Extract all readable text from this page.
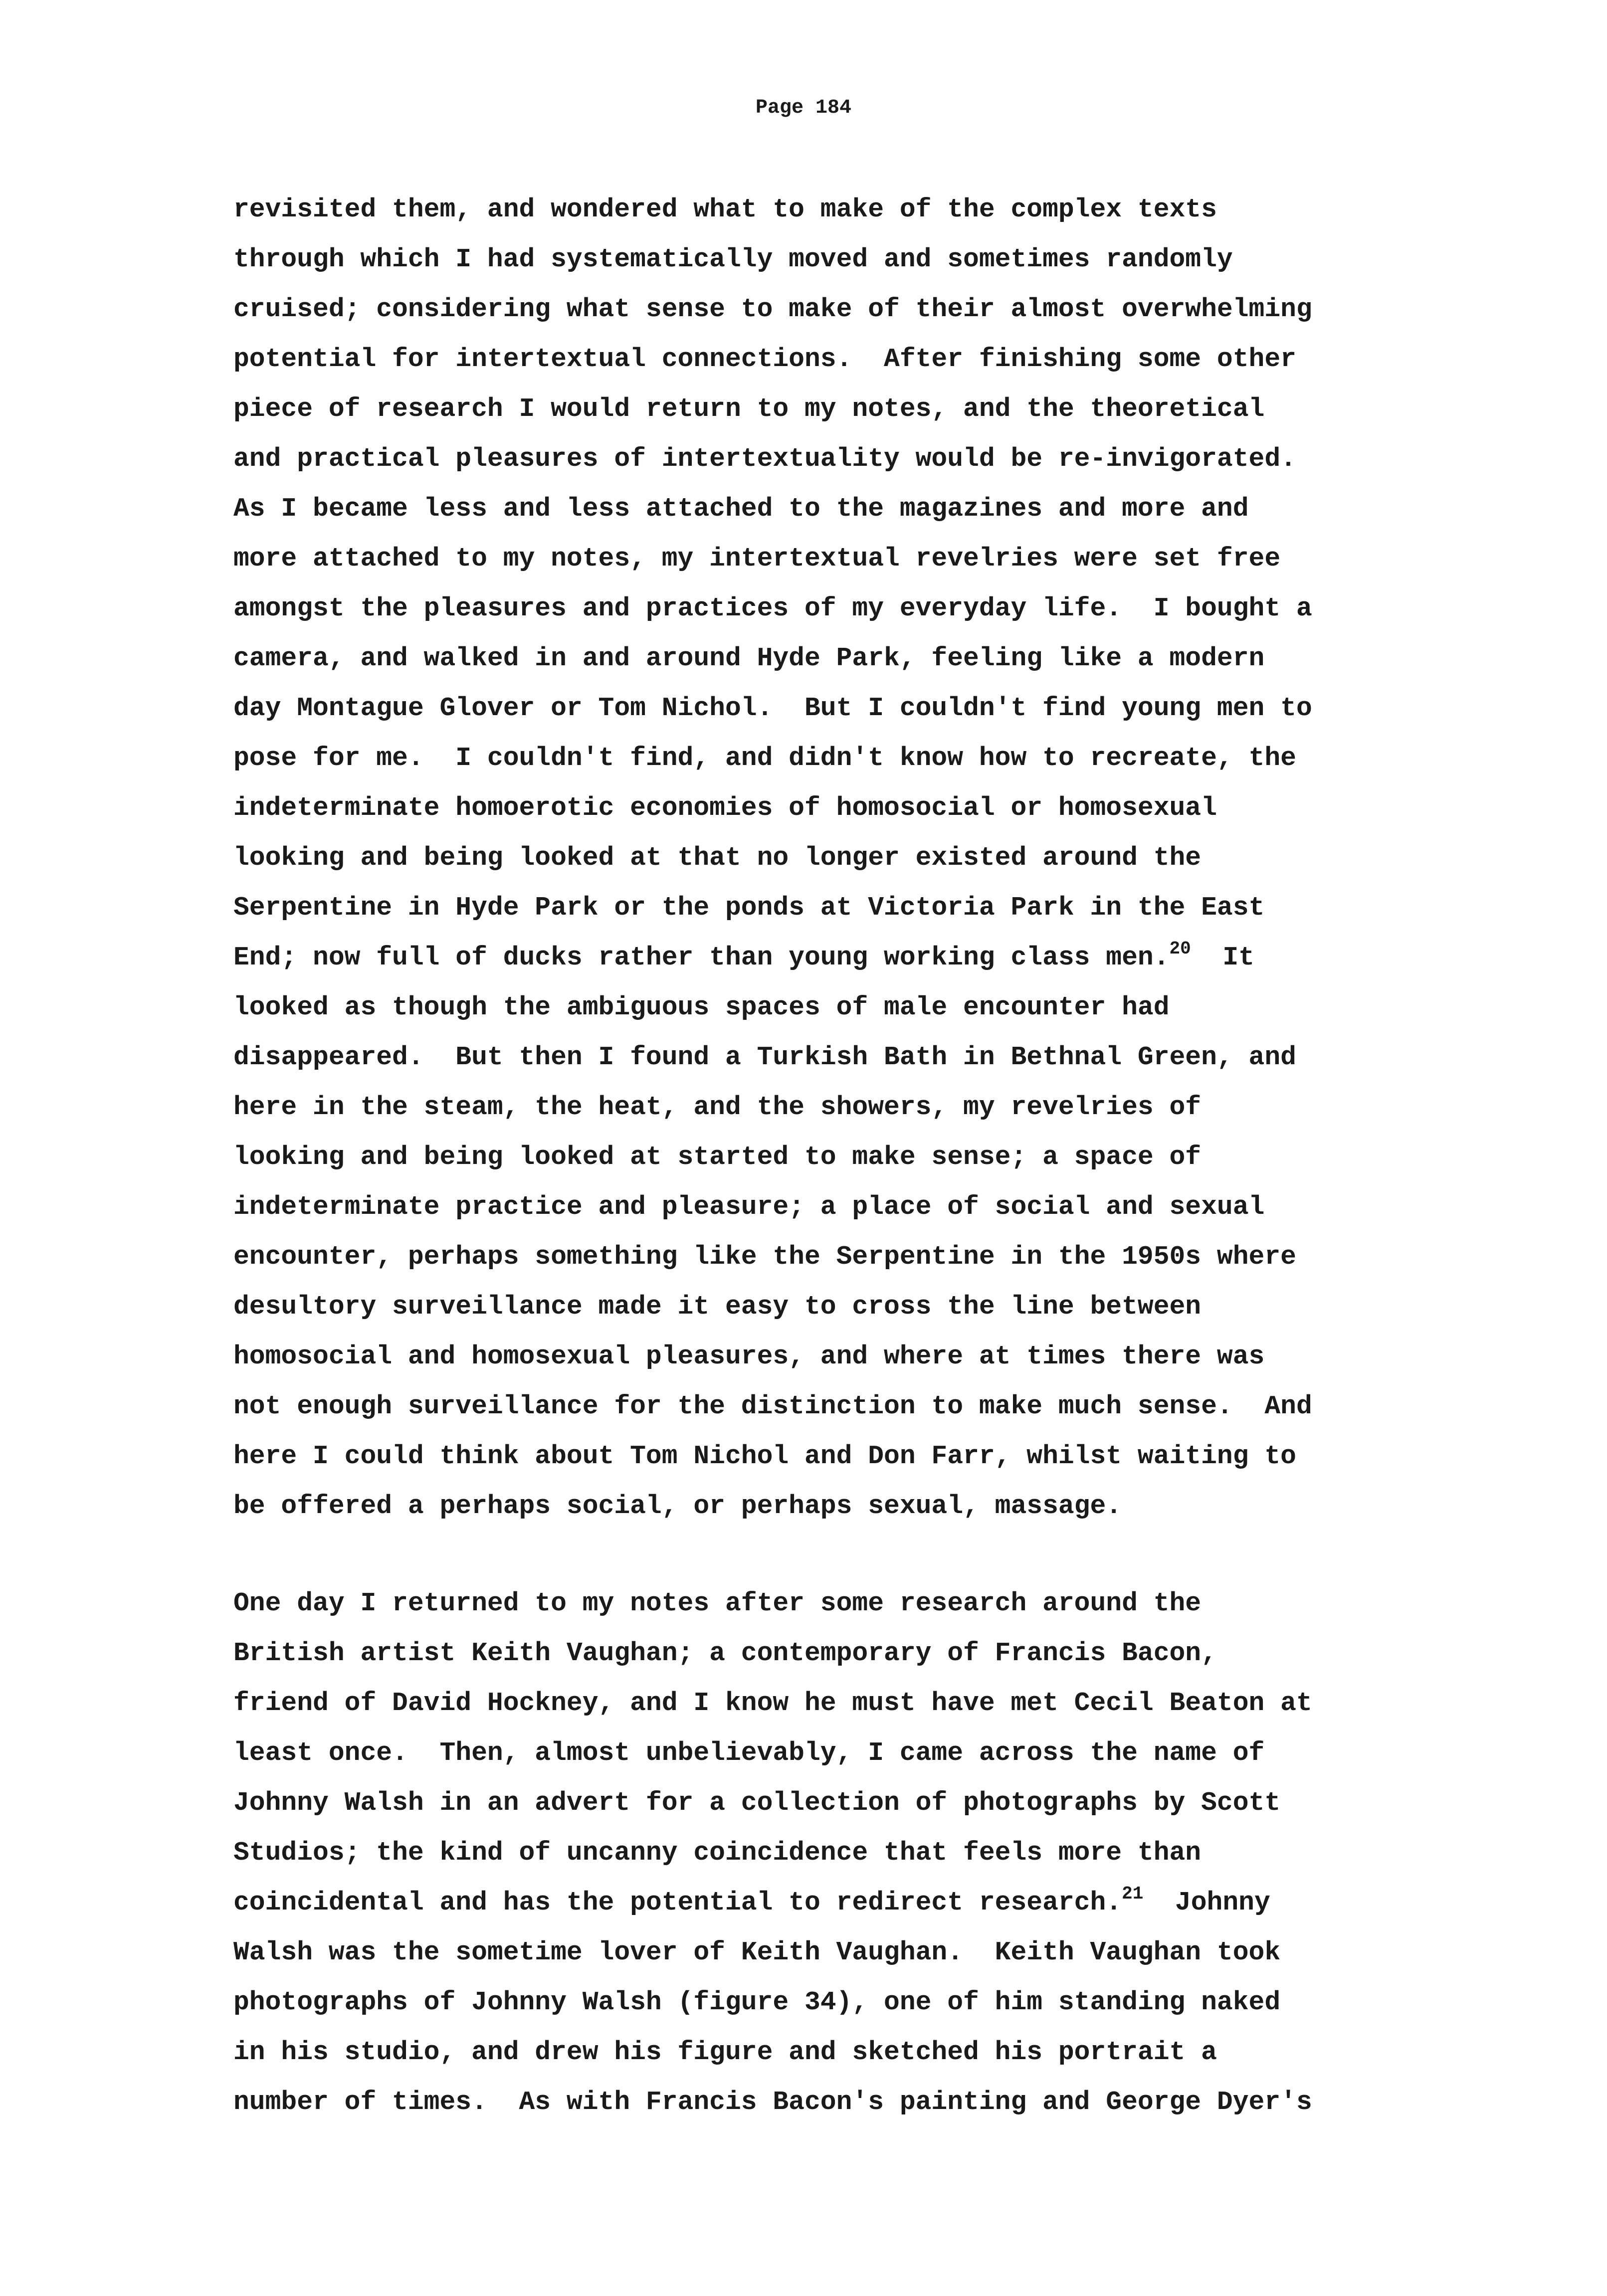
Page 184
revisited them, and wondered what to make of the complex texts
through which I had systematically moved and sometimes randomly
cruised; considering what sense to make of their almost overwhelming
potential for intertextual connections.  After finishing some other
piece of research I would return to my notes, and the theoretical
and practical pleasures of intertextuality would be re-invigorated.
As I became less and less attached to the magazines and more and
more attached to my notes, my intertextual revelries were set free
amongst the pleasures and practices of my everyday life.  I bought a
camera, and walked in and around Hyde Park, feeling like a modern
day Montague Glover or Tom Nichol.  But I couldn't find young men to
pose for me.  I couldn't find, and didn't know how to recreate, the
indeterminate homoerotic economies of homosocial or homosexual
looking and being looked at that no longer existed around the
Serpentine in Hyde Park or the ponds at Victoria Park in the East
End; now full of ducks rather than young working class men.$^{20}$  It
looked as though the ambiguous spaces of male encounter had
disappeared.  But then I found a Turkish Bath in Bethnal Green, and
here in the steam, the heat, and the showers, my revelries of
looking and being looked at started to make sense; a space of
indeterminate practice and pleasure; a place of social and sexual
encounter, perhaps something like the Serpentine in the 1950s where
desultory surveillance made it easy to cross the line between
homosocial and homosexual pleasures, and where at times there was
not enough surveillance for the distinction to make much sense.  And
here I could think about Tom Nichol and Don Farr, whilst waiting to
be offered a perhaps social, or perhaps sexual, massage.
One day I returned to my notes after some research around the
British artist Keith Vaughan; a contemporary of Francis Bacon,
friend of David Hockney, and I know he must have met Cecil Beaton at
least once.  Then, almost unbelievably, I came across the name of
Johnny Walsh in an advert for a collection of photographs by Scott
Studios; the kind of uncanny coincidence that feels more than
coincidental and has the potential to redirect research.$^{21}$  Johnny
Walsh was the sometime lover of Keith Vaughan.  Keith Vaughan took
photographs of Johnny Walsh (figure 34), one of him standing naked
in his studio, and drew his figure and sketched his portrait a
number of times.  As with Francis Bacon's painting and George Dyer's
